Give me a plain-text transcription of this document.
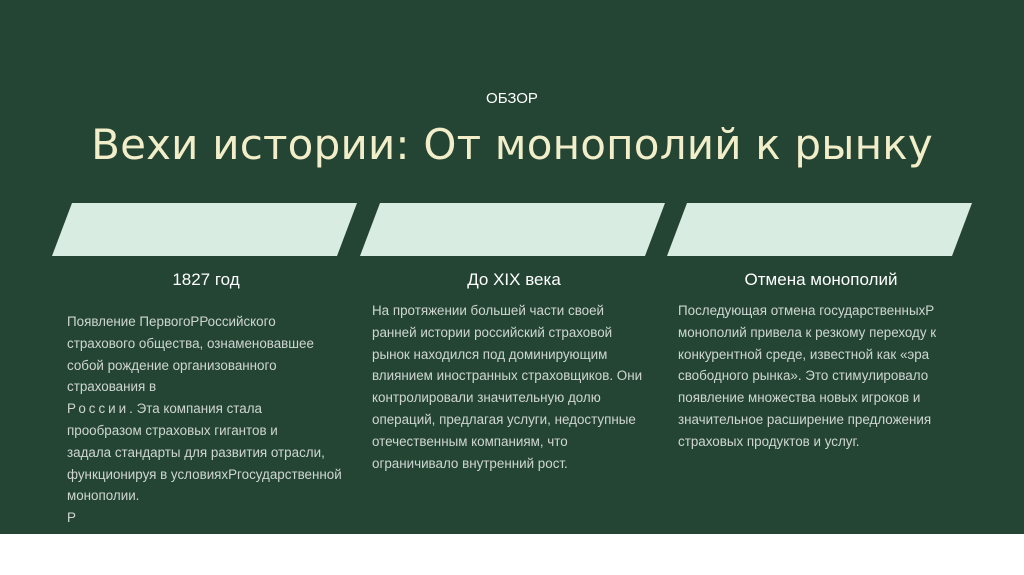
ОБЗОР
Вехи истории: От монополий к рынку
1827 год	До XIX века	Отмена монополий

Появление ПервогоРРоссийского

страхового общества, ознаменовавшее

собой рождение организованного

страхования в

России. Эта компания стала

прообразом страховых гигантов и

задала стандарты для развития отрасли,

функционируя в условияхРгосударственной

монополии.

Р

На протяжении большей части своей

ранней истории российский страховой

рынок находился под доминирующим

влиянием иностранных страховщиков. Они

контролировали значительную долю

операций, предлагая услуги, недоступные

отечественным компаниям, что

ограничивало внутренний рост.

Последующая отмена государственныхР

монополий привела к резкому переходу к

конкурентной среде, известной как «эра

свободного рынка». Это стимулировало

появление множества новых игроков и

значительное расширение предложения

страховых продуктов и услуг.
